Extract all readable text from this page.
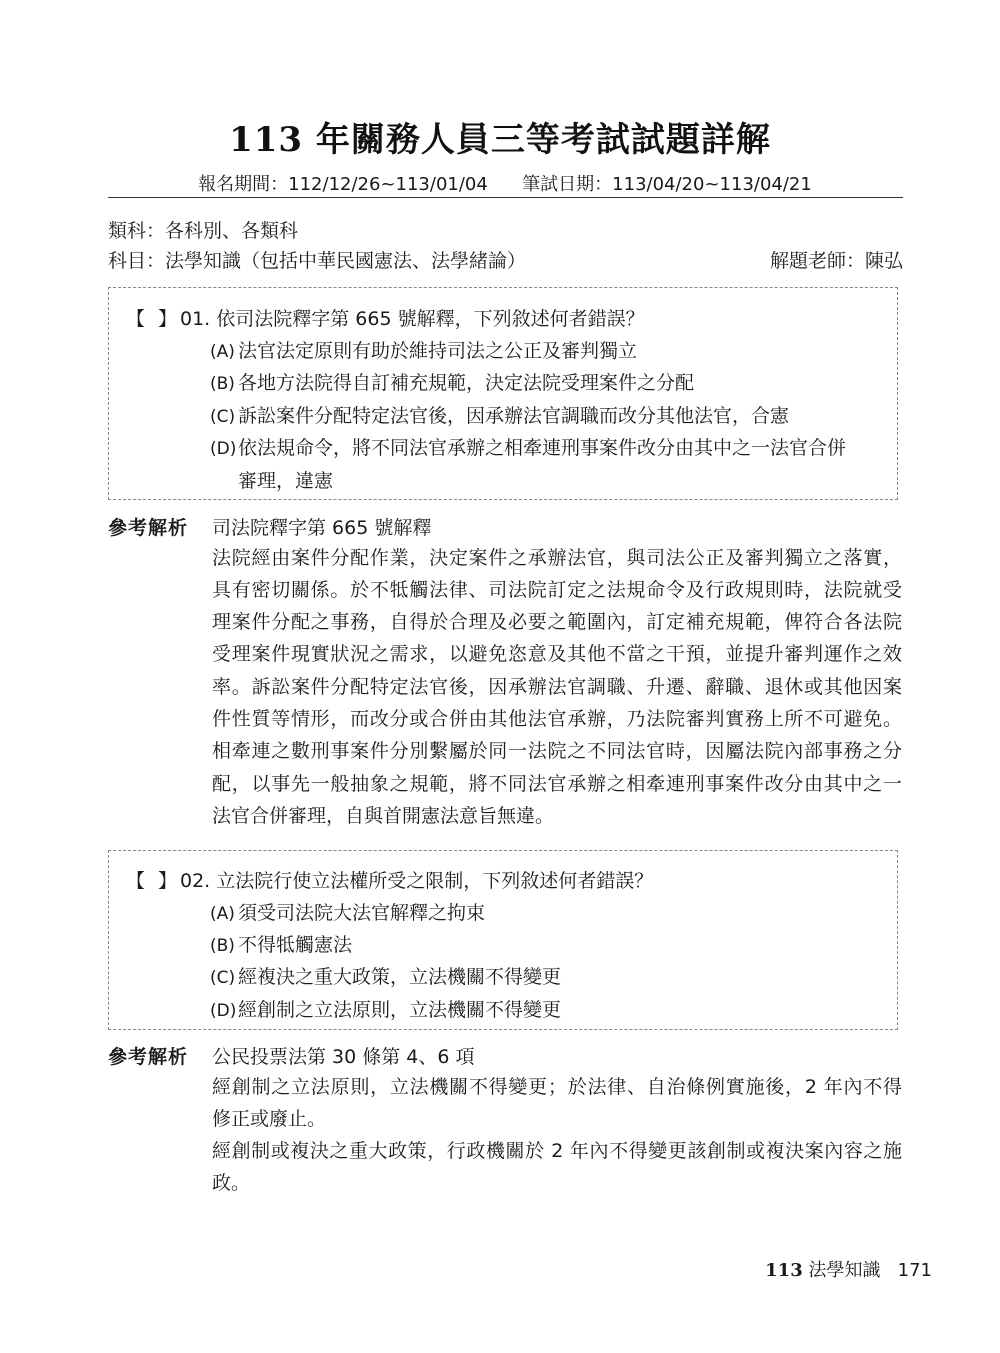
113 年關務人員三等考試試題詳解
報名期間：112/12/26~113/01/04 筆試日期：113/04/20~113/04/21
類科：各科別、各類科
科目：法學知識（包括中華民國憲法、法學緒論）	解題老師：陳弘
【 】 01. 依司法院釋字第 665 號解釋，下列敘述何者錯誤？
(A) 法官法定原則有助於維持司法之公正及審判獨立
(B) 各地方法院得自訂補充規範，決定法院受理案件之分配
(C) 訴訟案件分配特定法官後，因承辦法官調職而改分其他法官，合憲
(D)依法規命令，將不同法官承辦之相牽連刑事案件改分由其中之一法官合併
審理，違憲
參考解析 司法院釋字第 665 號解釋
法院經由案件分配作業，決定案件之承辦法官，與司法公正及審判獨立之落實，
具有密切關係。於不牴觸法律、司法院訂定之法規命令及行政規則時，法院就受
理案件分配之事務，自得於合理及必要之範圍內，訂定補充規範，俾符合各法院
受理案件現實狀況之需求，以避免恣意及其他不當之干預，並提升審判運作之效
率。訴訟案件分配特定法官後，因承辦法官調職、升遷、辭職、退休或其他因案
件性質等情形，而改分或合併由其他法官承辦，乃法院審判實務上所不可避免。
相牽連之數刑事案件分別繫屬於同一法院之不同法官時，因屬法院內部事務之分
配，以事先一般抽象之規範，將不同法官承辦之相牽連刑事案件改分由其中之一
法官合併審理，自與首開憲法意旨無違。
【 】 02. 立法院行使立法權所受之限制，下列敘述何者錯誤？
(A) 須受司法院大法官解釋之拘束
(B) 不得牴觸憲法
(C) 經複決之重大政策，立法機關不得變更
(D)經創制之立法原則，立法機關不得變更
參考解析 公民投票法第 30 條第 4、6 項
經創制之立法原則，立法機關不得變更；於法律、自治條例實施後，2 年內不得
修正或廢止。
經創制或複決之重大政策，行政機關於 2 年內不得變更該創制或複決案內容之施
政。
113 法學知識 171
